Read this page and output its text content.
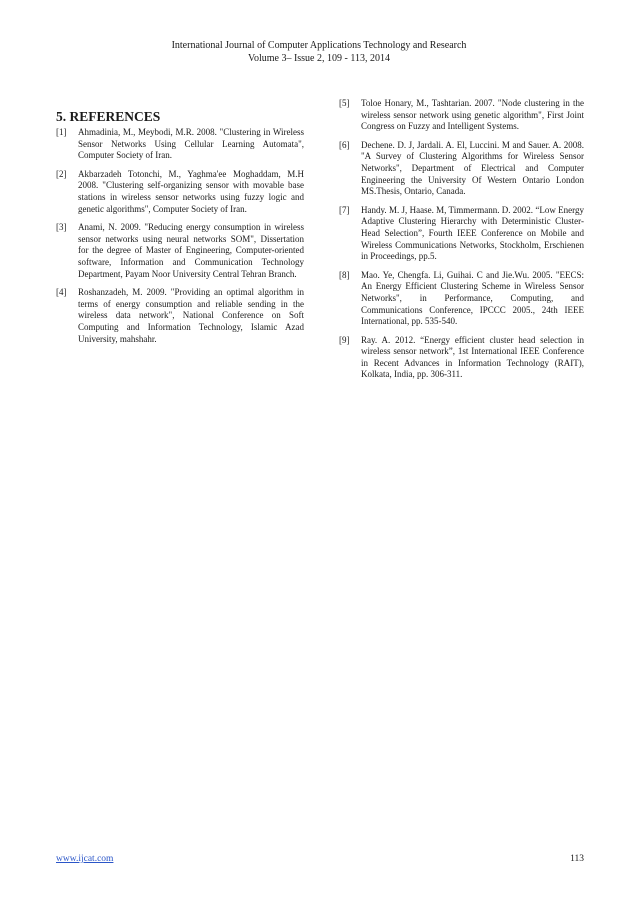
International Journal of Computer Applications Technology and Research
Volume 3– Issue 2, 109 - 113, 2014
5. REFERENCES
[1]	Ahmadinia, M., Meybodi, M.R. 2008. "Clustering in Wireless Sensor Networks Using Cellular Learning Automata", Computer Society of Iran.
[2]	Akbarzadeh Totonchi, M., Yaghma'ee Moghaddam, M.H 2008. "Clustering self-organizing sensor with movable base stations in wireless sensor networks using fuzzy logic and genetic algorithms", Computer Society of Iran.
[3]	Anami, N. 2009. "Reducing energy consumption in wireless sensor networks using neural networks SOM", Dissertation for the degree of Master of Engineering, Computer-oriented software, Information and Communication Technology Department, Payam Noor University Central Tehran Branch.
[4]	Roshanzadeh, M. 2009. "Providing an optimal algorithm in terms of energy consumption and reliable sending in the wireless data network", National Conference on Soft Computing and Information Technology, Islamic Azad University, mahshahr.
[5]	Toloe Honary, M., Tashtarian. 2007. "Node clustering in the wireless sensor network using genetic algorithm", First Joint Congress on Fuzzy and Intelligent Systems.
[6]	Dechene. D. J, Jardali. A. El, Luccini. M and Sauer. A. 2008. "A Survey of Clustering Algorithms for Wireless Sensor Networks", Department of Electrical and Computer Engineering the University Of Western Ontario London MS.Thesis, Ontario, Canada.
[7]	Handy. M. J, Haase. M, Timmermann. D. 2002. “Low Energy Adaptive Clustering Hierarchy with Deterministic Cluster-Head Selection”, Fourth IEEE Conference on Mobile and Wireless Communications Networks, Stockholm, Erschienen in Proceedings, pp.5.
[8]	Mao. Ye, Chengfa. Li, Guihai. C and Jie.Wu. 2005. "EECS: An Energy Efficient Clustering Scheme in Wireless Sensor Networks", in Performance, Computing, and Communications Conference, IPCCC 2005., 24th IEEE International, pp. 535-540.
[9]	Ray. A. 2012. “Energy efficient cluster head selection in wireless sensor network”, 1st International IEEE Conference in Recent Advances in Information Technology (RAIT), Kolkata, India, pp. 306-311.
www.ijcat.com	113
